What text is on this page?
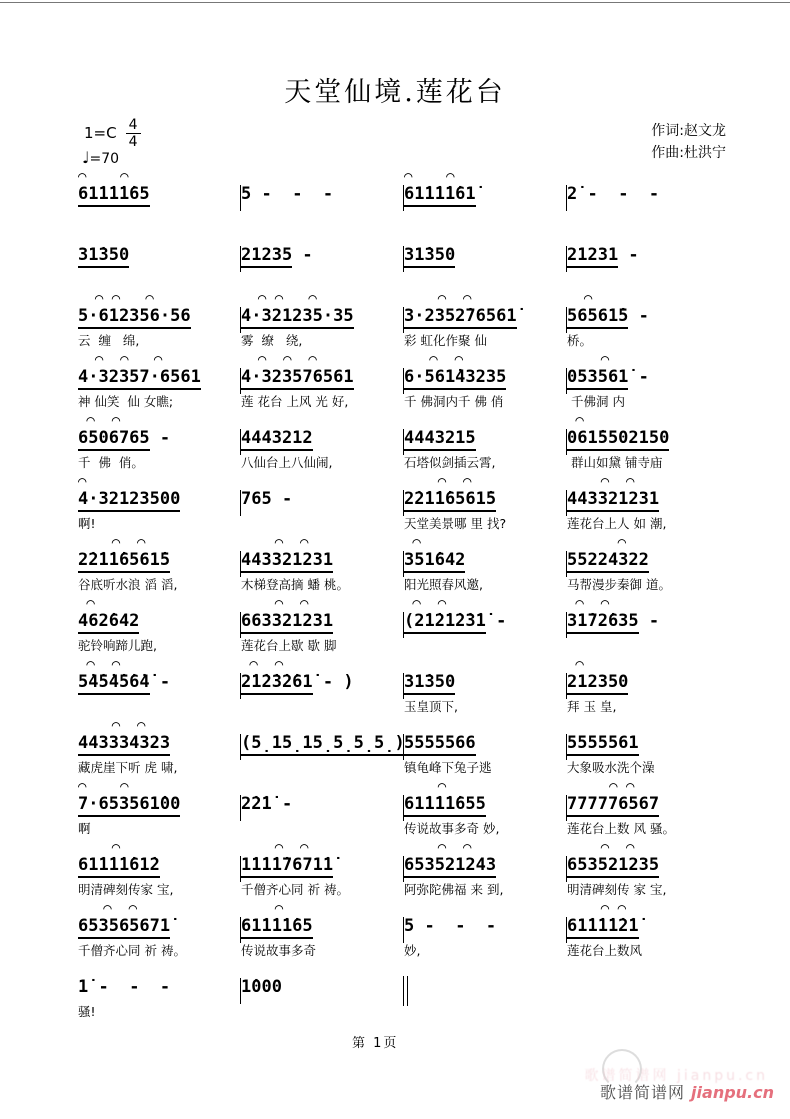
天堂仙境.莲花台
$1=C \frac{4}{4}$
♩=70
作词:赵文龙
作曲:杜洪宁
◠    ◠
61̇1̇1̇1̇65

	5 -  -  -

◠    ◠
61̇1̇1̇1̇61̇

	2̇ -  -  -

31̇350

	21235 -

	31̇350

	21231 -

◠ ◠   ◠
5·612356·56
云  缠   绵,
◠ ◠   ◠
4·321235·35
雾  缭   绕,
◠  ◠
3·2352̇76561̇
彩 虹化作聚 仙
◠
56561̇5 -
桥。
◠  ◠   ◠
4·32357·6561
神 仙笑  仙 女瞧;
◠  ◠  ◠
4·323576561
莲 花台 上风 光 好,
◠  ◠
6·561̇43235
千 佛洞内千 佛 俏
◠
053561̇ -
千佛洞 内
◠  ◠
6506765 -
千  佛  俏。

4443212
八仙台上八仙闹,

4443215
石塔似剑插云霄,
◠
061̇5502150
群山如黛 铺寺庙
◠
4·32123500
啊!

765 -

◠  ◠
2̇2̇1̇1̇6561̇5
天堂美景哪 里 找?
◠  ◠
443321231
莲花台上人 如 潮,
◠  ◠
2̇2̇1̇1̇6561̇5
谷底听水浪 滔 滔,
◠  ◠
443321231
木梯登高摘 蟠 桃。
◠
351̇642
阳光照春风邀,
◠
55224322
马帮漫步秦御 道。
◠
462̇642
驼铃响蹄儿跑,
◠  ◠
663321231
莲花台上歇 歇 脚
◠  ◠
(2̇1̇2̇1̇2̇3̇1̇ -

◠  ◠
31̇72̇635 -

◠  ◠
5̇4̇5̇4̇5̇6̇4̇ -

◠  ◠
2̇1̇2̇3̇2̇61̇ - )

	31̇350
玉皇顶下,
◠
212350
拜 玉 皇,
◠  ◠
443334323
藏虎崖下听 虎 啸,

(5̣15̣15̣5̣5̣5̣)

5555566
镇龟峰下兔子逃

5555561
大象吸水洗个澡
◠    ◠
7·653561̇00
啊

2̇2̇1̇ -

◠
61̇1̇1̇1̇655
传说故事多奇 妙,
◠ ◠
777776567
莲花台上数 风 骚。
◠
61̇1̇1̇1̇61̇2
明清碑刻传家 宝,
◠  ◠
1̇1̇1̇1̇7671̇1̇
千僧齐心同 祈 祷。
◠  ◠
653521243
阿弥陀佛福 来 到,
◠  ◠
653521235
明清碑刻传 家 宝,
◠  ◠
653565671̇
千僧齐心同 祈 祷。
◠
61̇1̇1̇1̇65
传说故事多奇

5 -  -  -
妙,
◠ ◠
61̇1̇1̇1̇2̇1̇
莲花台上数风

1̇ -  -  -
骚!

1̇000

第 1页
歌谱简谱网 jianpu.cn
歌谱简谱网 jianpu.cn
